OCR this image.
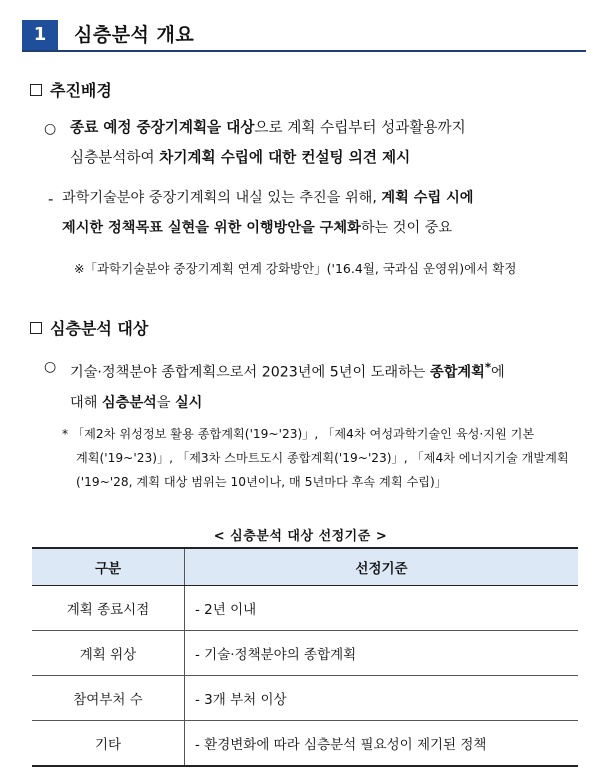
1	심층분석 개요
추진배경
○ 종료 예정 중장기계획을 대상으로 계획 수립부터 성과활용까지
심층분석하여 차기계획 수립에 대한 컨설팅 의견 제시
- 과학기술분야 중장기계획의 내실 있는 추진을 위해, 계획 수립 시에
제시한 정책목표 실현을 위한 이행방안을 구체화하는 것이 중요
※「과학기술분야 중장기계획 연계 강화방안」('16.4월, 국과심 운영위)에서 확정
심층분석 대상
○ 기술·정책분야 종합계획으로서 2023년에 5년이 도래하는 종합계획*에
대해 심층분석을 실시
* 「제2차 위성정보 활용 종합계획('19~'23)」, 「제4차 여성과학기술인 육성·지원 기본
계획('19~'23)」, 「제3차 스마트도시 종합계획('19~'23)」, 「제4차 에너지기술 개발계획
('19~'28, 계획 대상 범위는 10년이나, 매 5년마다 후속 계획 수립)」
< 심층분석 대상 선정기준 >
구분	선정기준
계획 종료시점	- 2년 이내
계획 위상	- 기술·정책분야의 종합계획
참여부처 수	- 3개 부처 이상
기타	- 환경변화에 따라 심층분석 필요성이 제기된 정책
